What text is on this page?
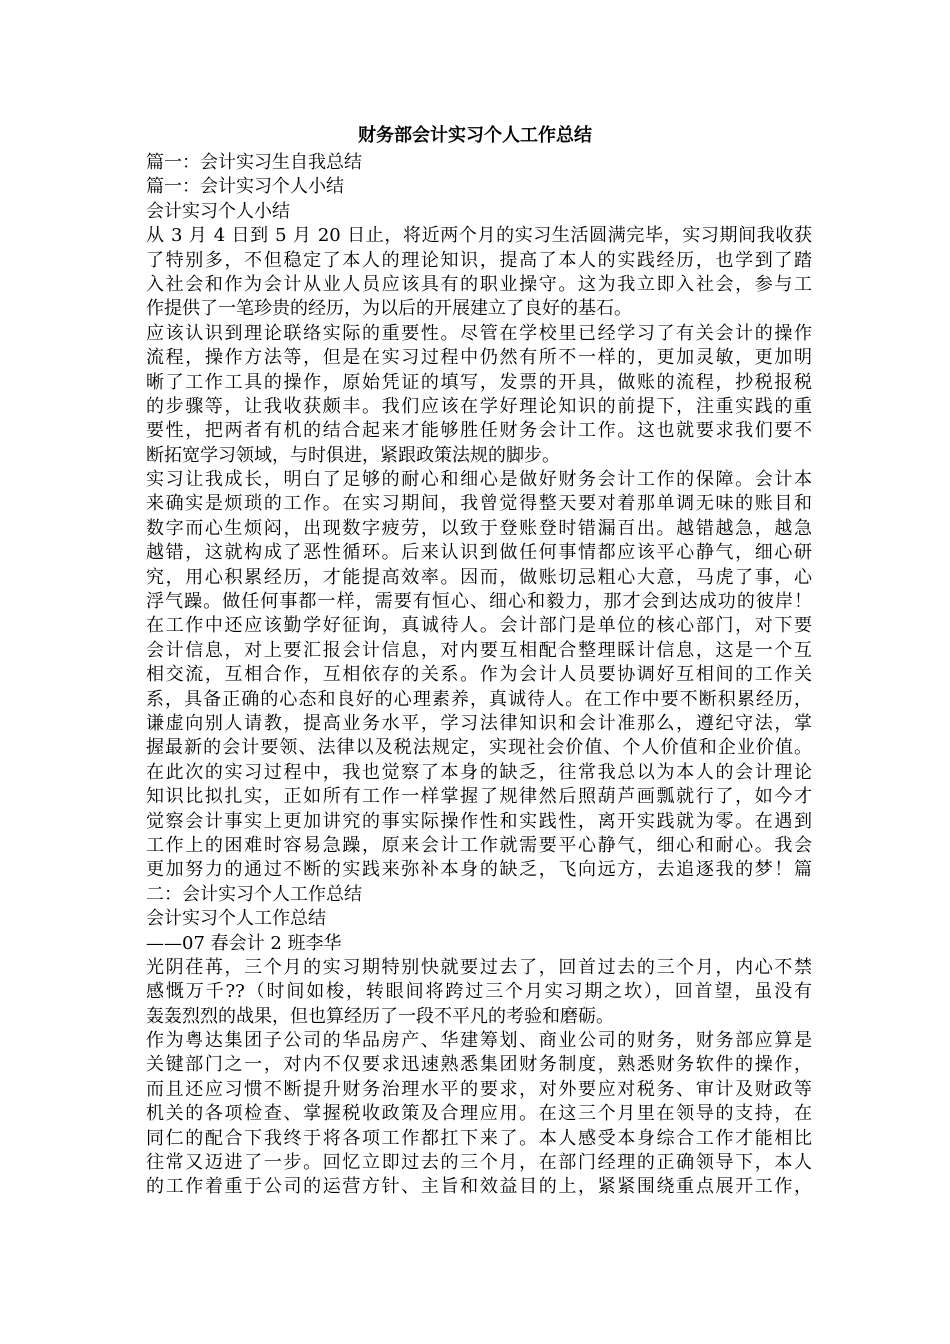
财务部会计实习个人工作总结
篇一：会计实习生自我总结
篇一：会计实习个人小结
会计实习个人小结
从 3 月 4 日到 5 月 20 日止，将近两个月的实习生活圆满完毕，实习期间我收获
了特别多，不但稳定了本人的理论知识，提高了本人的实践经历，也学到了踏
入社会和作为会计从业人员应该具有的职业操守。这为我立即入社会，参与工
作提供了一笔珍贵的经历，为以后的开展建立了良好的基石。
应该认识到理论联络实际的重要性。尽管在学校里已经学习了有关会计的操作
流程，操作方法等，但是在实习过程中仍然有所不一样的，更加灵敏，更加明
晰了工作工具的操作，原始凭证的填写，发票的开具，做账的流程，抄税报税
的步骤等，让我收获颇丰。我们应该在学好理论知识的前提下，注重实践的重
要性，把两者有机的结合起来才能够胜任财务会计工作。这也就要求我们要不
断拓宽学习领域，与时俱进，紧跟政策法规的脚步。
实习让我成长，明白了足够的耐心和细心是做好财务会计工作的保障。会计本
来确实是烦琐的工作。在实习期间，我曾觉得整天要对着那单调无味的账目和
数字而心生烦闷，出现数字疲劳，以致于登账登时错漏百出。越错越急，越急
越错，这就构成了恶性循环。后来认识到做任何事情都应该平心静气，细心研
究，用心积累经历，才能提高效率。因而，做账切忌粗心大意，马虎了事，心
浮气躁。做任何事都一样，需要有恒心、细心和毅力，那才会到达成功的彼岸！
在工作中还应该勤学好征询，真诚待人。会计部门是单位的核心部门，对下要
会计信息，对上要汇报会计信息，对内要互相配合整理睬计信息，这是一个互
相交流，互相合作，互相依存的关系。作为会计人员要协调好互相间的工作关
系，具备正确的心态和良好的心理素养，真诚待人。在工作中要不断积累经历，
谦虚向别人请教，提高业务水平，学习法律知识和会计准那么，遵纪守法，掌
握最新的会计要领、法律以及税法规定，实现社会价值、个人价值和企业价值。
在此次的实习过程中，我也觉察了本身的缺乏，往常我总以为本人的会计理论
知识比拟扎实，正如所有工作一样掌握了规律然后照葫芦画瓢就行了，如今才
觉察会计事实上更加讲究的事实际操作性和实践性，离开实践就为零。在遇到
工作上的困难时容易急躁，原来会计工作就需要平心静气，细心和耐心。我会
更加努力的通过不断的实践来弥补本身的缺乏，飞向远方，去追逐我的梦！篇
二：会计实习个人工作总结
会计实习个人工作总结
——07 春会计 2 班李华
光阴荏苒，三个月的实习期特别快就要过去了，回首过去的三个月，内心不禁
感慨万千??（时间如梭，转眼间将跨过三个月实习期之坎），回首望，虽没有
轰轰烈烈的战果，但也算经历了一段不平凡的考验和磨砺。
作为粤达集团子公司的华品房产、华建筹划、商业公司的财务，财务部应算是
关键部门之一，对内不仅要求迅速熟悉集团财务制度，熟悉财务软件的操作，
而且还应习惯不断提升财务治理水平的要求，对外要应对税务、审计及财政等
机关的各项检查、掌握税收政策及合理应用。在这三个月里在领导的支持，在
同仁的配合下我终于将各项工作都扛下来了。本人感受本身综合工作才能相比
往常又迈进了一步。回忆立即过去的三个月，在部门经理的正确领导下，本人
的工作着重于公司的运营方针、主旨和效益目的上，紧紧围绕重点展开工作，
